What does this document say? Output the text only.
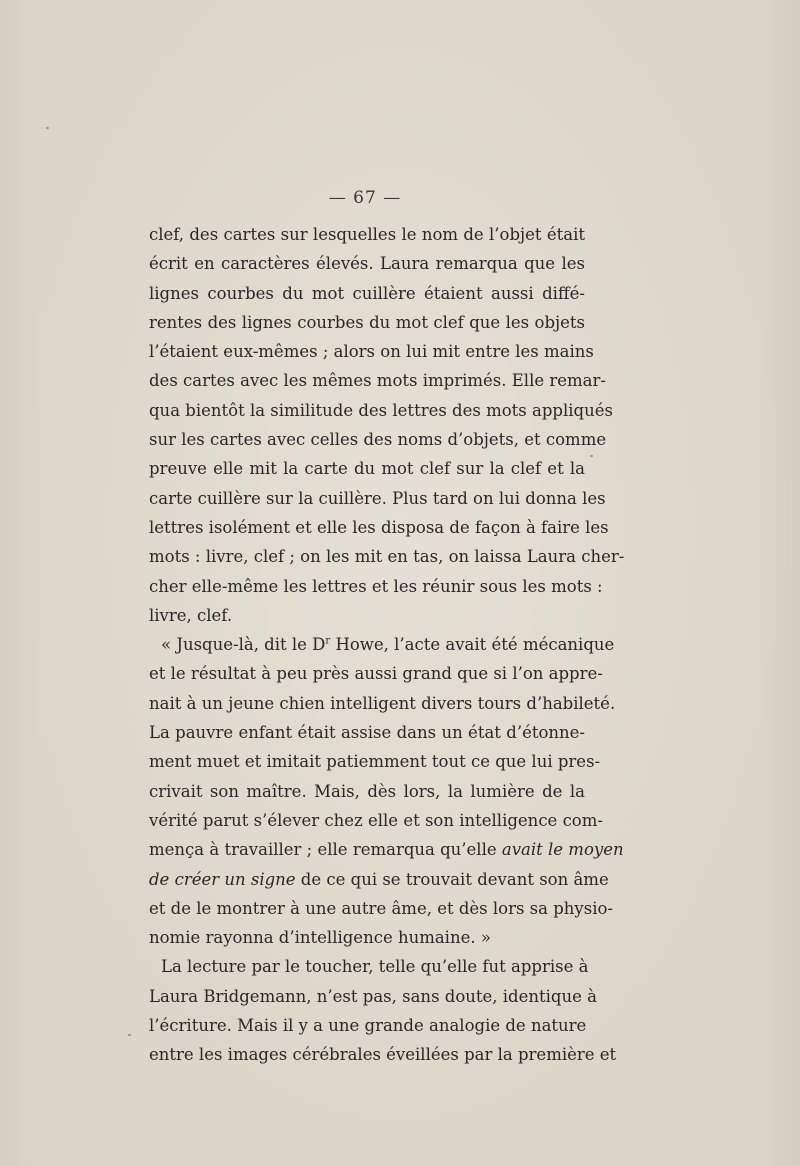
— 67 —
clef, des cartes sur lesquelles le nom de l’objet était
écrit en caractères élevés. Laura remarqua que les
lignes courbes du mot cuillère étaient aussi diffé-
rentes des lignes courbes du mot clef que les objets
l’étaient eux-mêmes ; alors on lui mit entre les mains
des cartes avec les mêmes mots imprimés. Elle remar-
qua bientôt la similitude des lettres des mots appliqués
sur les cartes avec celles des noms d’objets, et comme
preuve elle mit la carte du mot clef sur la clef et la
carte cuillère sur la cuillère. Plus tard on lui donna les
lettres isolément et elle les disposa de façon à faire les
mots : livre, clef ; on les mit en tas, on laissa Laura cher-
cher elle-même les lettres et les réunir sous les mots :
livre, clef.
« Jusque-là, dit le $D^r$ Howe, l’acte avait été mécanique
et le résultat à peu près aussi grand que si l’on appre-
nait à un jeune chien intelligent divers tours d’habileté.
La pauvre enfant était assise dans un état d’étonne-
ment muet et imitait patiemment tout ce que lui pres-
crivait son maître. Mais, dès lors, la lumière de la
vérité parut s’élever chez elle et son intelligence com-
mença à travailler ; elle remarqua qu’elle avait le moyen
de créer un signe de ce qui se trouvait devant son âme
et de le montrer à une autre âme, et dès lors sa physio-
nomie rayonna d’intelligence humaine. »
La lecture par le toucher, telle qu’elle fut apprise à
Laura Bridgemann, n’est pas, sans doute, identique à
l’écriture. Mais il y a une grande analogie de nature
entre les images cérébrales éveillées par la première et
